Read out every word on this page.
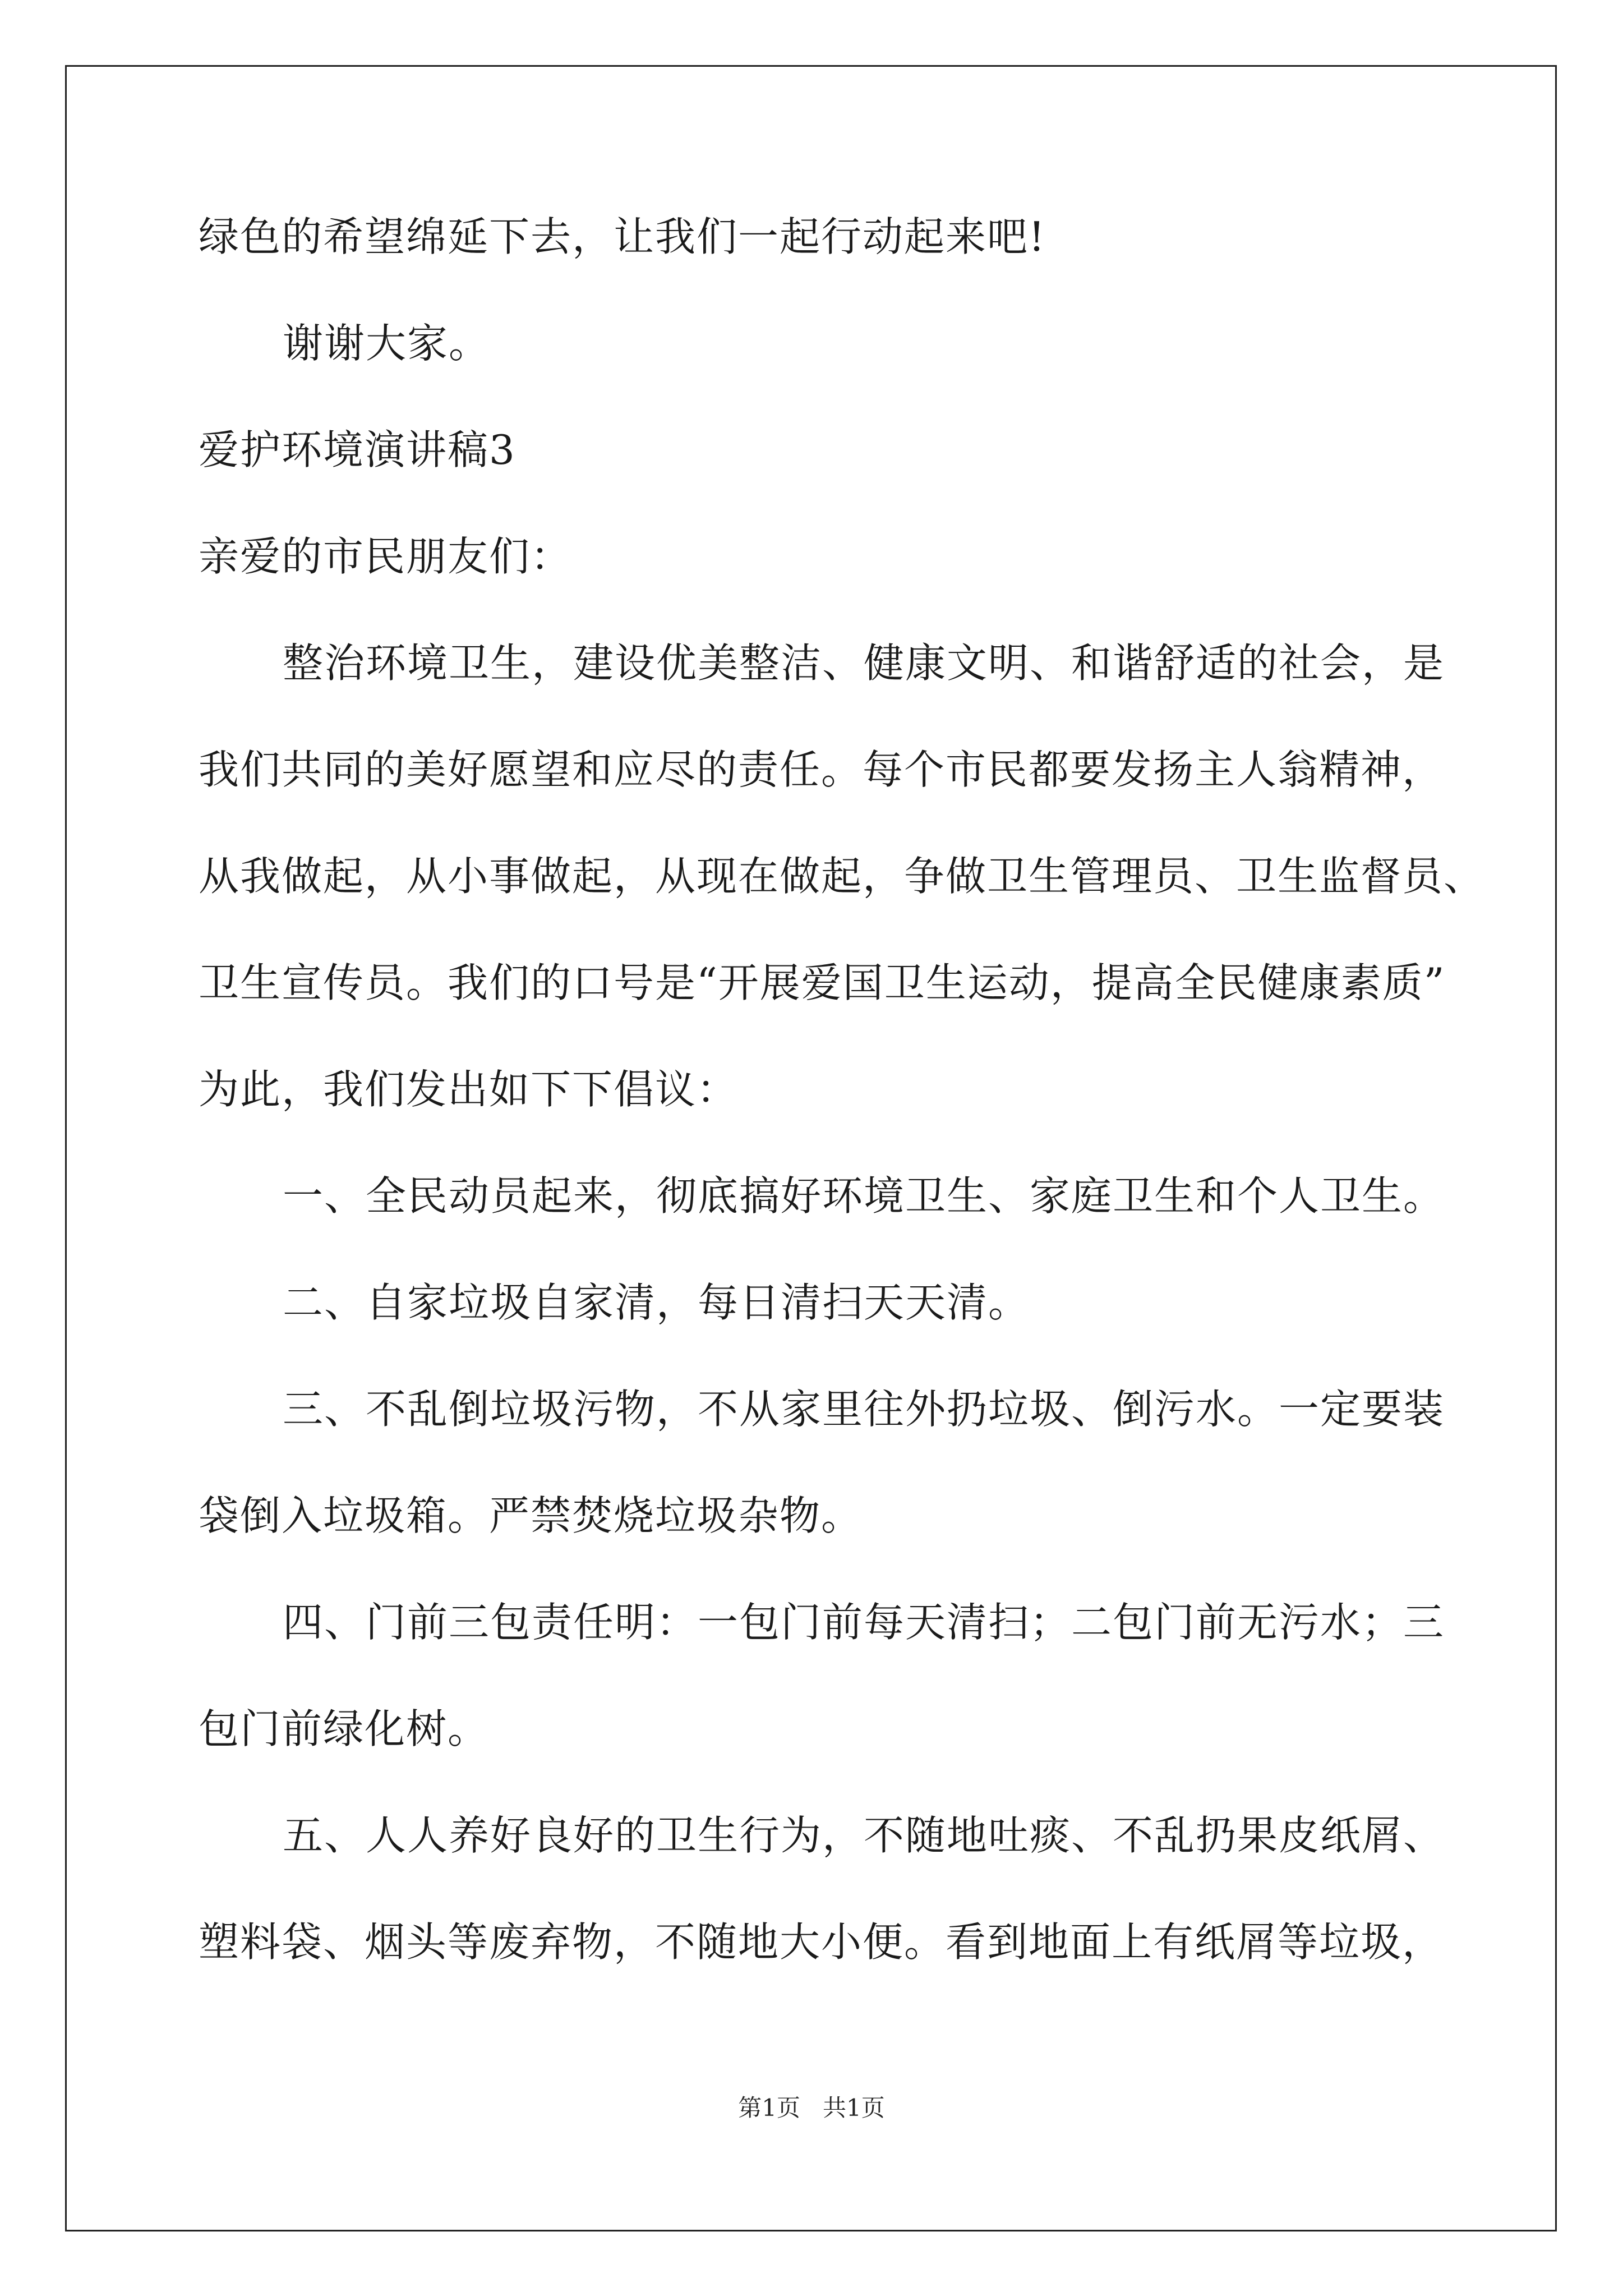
绿色的希望绵延下去，让我们一起行动起来吧!
谢谢大家。
爱护环境演讲稿3
亲爱的市民朋友们：
整治环境卫生，建设优美整洁、健康文明、和谐舒适的社会，是
我们共同的美好愿望和应尽的责任。每个市民都要发扬主人翁精神，
从我做起，从小事做起，从现在做起，争做卫生管理员、卫生监督员、
卫生宣传员。我们的口号是“开展爱国卫生运动，提高全民健康素质”
为此，我们发出如下下倡议：
一、全民动员起来，彻底搞好环境卫生、家庭卫生和个人卫生。
二、自家垃圾自家清，每日清扫天天清。
三、不乱倒垃圾污物，不从家里往外扔垃圾、倒污水。一定要装
袋倒入垃圾箱。严禁焚烧垃圾杂物。
四、门前三包责任明：一包门前每天清扫；二包门前无污水；三
包门前绿化树。
五、人人养好良好的卫生行为，不随地吐痰、不乱扔果皮纸屑、
塑料袋、烟头等废弃物，不随地大小便。看到地面上有纸屑等垃圾，
第1页 共1页
